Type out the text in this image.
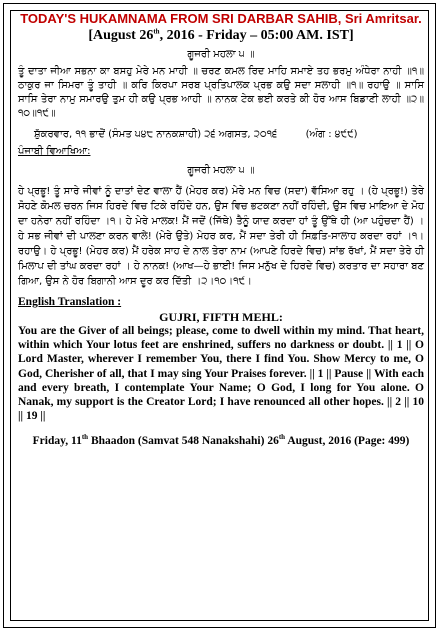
TODAY'S HUKAMNAMA FROM SRI DARBAR SAHIB, Sri Amritsar.
[August 26th, 2016 - Friday – 05:00 AM. IST]
ਗੂਜਰੀ ਮਹਲਾ ੫ ॥
ਤੂੰ ਦਾਤਾ ਜੀਆ ਸਭਨਾ ਕਾ ਬਸਹੁ ਮੇਰੇ ਮਨ ਮਾਹੀ ॥ ਚਰਣ ਕਮਲ ਰਿਦ ਮਾਹਿ ਸਮਾਏ ਤਹ ਭਰਮੁ ਅੰਧੇਰਾ ਨਾਹੀ ॥੧॥ ਠਾਕੁਰ ਜਾ ਸਿਮਰਾ ਤੂੰ ਤਾਹੀ ॥ ਕਰਿ ਕਿਰਪਾ ਸਰਬ ਪ੍ਰਤਿਪਾਲਕ ਪ੍ਰਭ ਕਉ ਸਦਾ ਸਲਾਹੀ ॥੧॥ ਰਹਾਉ ॥ ਸਾਸਿ ਸਾਸਿ ਤੇਰਾ ਨਾਮੁ ਸਮਾਰਉ ਤੁਮ ਹੀ ਕਉ ਪ੍ਰਭ ਆਹੀ ॥ ਨਾਨਕ ਟੇਕ ਭਈ ਕਰਤੇ ਕੀ ਹੋਰ ਆਸ ਬਿਡਾਣੀ ਲਾਹੀ ॥੨॥੧੦॥੧੯॥
ਸ਼ੁੱਕਰਵਾਰ, ੧੧ ਭਾਦੋਂ (ਸੰਮਤ ੫੪੮ ਨਾਨਕਸ਼ਾਹੀ) ੨੬ ਅਗਸਤ, ੨੦੧੬	(ਅੰਗ : ੪੯੯)
ਪੰਜਾਬੀ ਵਿਆਖਿਆ:
ਗੂਜਰੀ ਮਹਲਾ ੫ ॥
ਹੇ ਪ੍ਰਭੂ! ਤੂੰ ਸਾਰੇ ਜੀਵਾਂ ਨੂੰ ਦਾਤਾਂ ਦੇਣ ਵਾਲਾ ਹੈਂ (ਮੇਹਰ ਕਰ) ਮੇਰੇ ਮਨ ਵਿਚ (ਸਦਾ) ਵੱਸਿਆ ਰਹੁ । (ਹੇ ਪ੍ਰਭੂ!) ਤੇਰੇ ਸੋਹਣੇ ਕੋਮਲ ਚਰਨ ਜਿਸ ਹਿਰਦੇ ਵਿਚ ਟਿਕੇ ਰਹਿੰਦੇ ਹਨ, ਉਸ ਵਿਚ ਭਟਕਣਾ ਨਹੀਂ ਰਹਿੰਦੀ, ਉਸ ਵਿਚ ਮਾਇਆ ਦੇ ਮੋਹ ਦਾ ਹਨੇਰਾ ਨਹੀਂ ਰਹਿੰਦਾ ।੧। ਹੇ ਮੇਰੇ ਮਾਲਕ! ਮੈਂ ਜਦੋਂ (ਜਿੱਥੇ) ਤੈਨੂੰ ਯਾਦ ਕਰਦਾ ਹਾਂ ਤੂੰ ਉੱਥੇ ਹੀ (ਆ ਪਹੁੰਚਦਾ ਹੈਂ) । ਹੇ ਸਭ ਜੀਵਾਂ ਦੀ ਪਾਲਣਾ ਕਰਨ ਵਾਲੇ! (ਮੇਰੇ ਉਤੇ) ਮੇਹਰ ਕਰ, ਮੈਂ ਸਦਾ ਤੇਰੀ ਹੀ ਸਿਫ਼ਤਿ-ਸਾਲਾਹ ਕਰਦਾ ਰਹਾਂ ।੧।ਰਹਾਉ। ਹੇ ਪ੍ਰਭੂ! (ਮੇਹਰ ਕਰ) ਮੈਂ ਹਰੇਕ ਸਾਹ ਦੇ ਨਾਲ ਤੇਰਾ ਨਾਮ (ਆਪਣੇ ਹਿਰਦੇ ਵਿਚ) ਸਾਂਭ ਰੱਖਾਂ, ਮੈਂ ਸਦਾ ਤੇਰੇ ਹੀ ਮਿਲਾਪ ਦੀ ਤਾਂਘ ਕਰਦਾ ਰਹਾਂ । ਹੇ ਨਾਨਕ! (ਆਖ—ਹੇ ਭਾਈ! ਜਿਸ ਮਨੁੱਖ ਦੇ ਹਿਰਦੇ ਵਿਚ) ਕਰਤਾਰ ਦਾ ਸਹਾਰਾ ਬਣ ਗਿਆ, ਉਸ ਨੇ ਹੋਰ ਬਿਗਾਨੀ ਆਸ ਦੂਰ ਕਰ ਦਿੱਤੀ ।੨।੧੦।੧੯।
English Translation :
GUJRI, FIFTH MEHL:
You are the Giver of all beings; please, come to dwell within my mind. That heart, within which Your lotus feet are enshrined, suffers no darkness or doubt. || 1 || O Lord Master, wherever I remember You, there I find You. Show Mercy to me, O God, Cherisher of all, that I may sing Your Praises forever. || 1 || Pause || With each and every breath, I contemplate Your Name; O God, I long for You alone. O Nanak, my support is the Creator Lord; I have renounced all other hopes. || 2 || 10 || 19 ||
Friday, 11th Bhaadon (Samvat 548 Nanakshahi) 26th August, 2016 (Page: 499)
